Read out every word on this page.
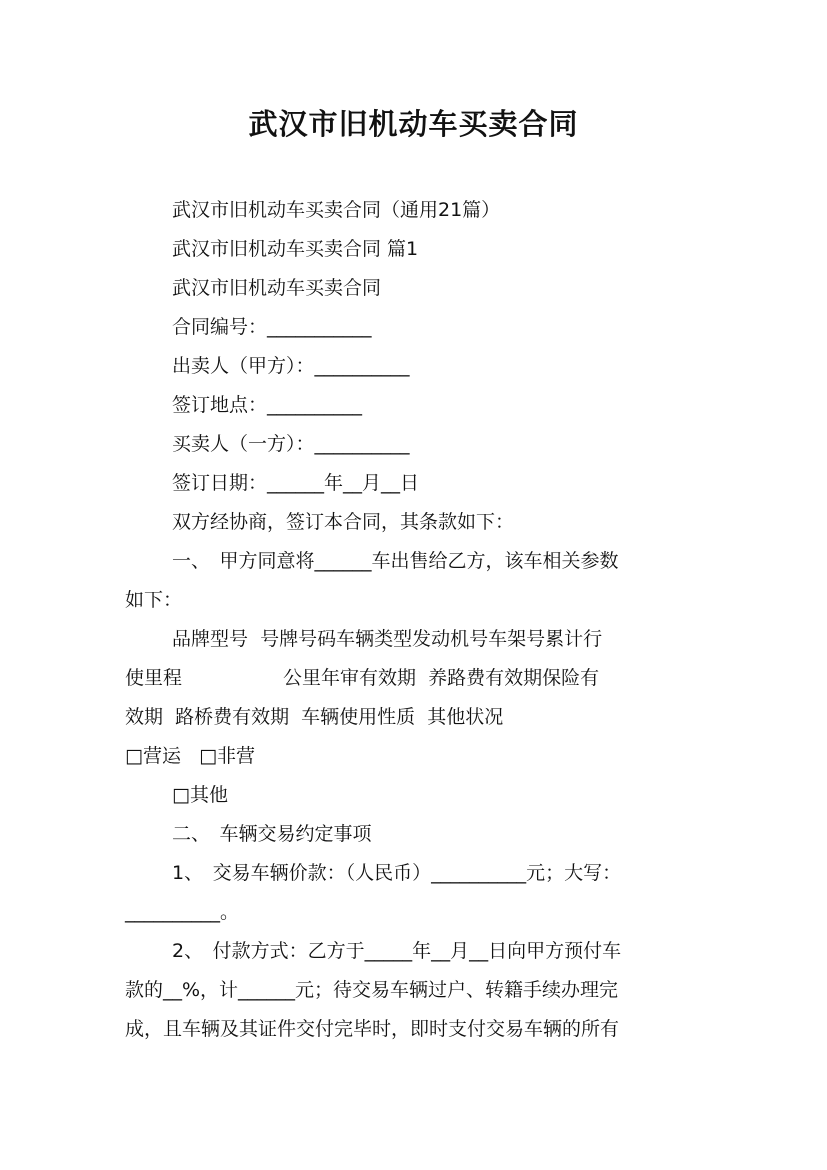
武汉市旧机动车买卖合同

武汉市旧机动车买卖合同（通用21篇）

武汉市旧机动车买卖合同 篇1

武汉市旧机动车买卖合同

合同编号：___________

出卖人（甲方）：__________

签订地点：__________

买卖人（一方）：__________

签订日期：______年__月__日

双方经协商，签订本合同，其条款如下：

一、　甲方同意将______车出售给乙方，该车相关参数

如下：

品牌型号  号牌号码车辆类型发动机号车架号累计行

使里程　　　　　 公里年审有效期  养路费有效期保险有

效期  路桥费有效期  车辆使用性质  其他状况

□营运   □非营

□其他

二、　车辆交易约定事项

1、　交易车辆价款：（人民币）__________元；大写：

__________。

2、　付款方式：乙方于_____年__月__日向甲方预付车

款的__%，计______元；待交易车辆过户、转籍手续办理完

成，且车辆及其证件交付完毕时，即时支付交易车辆的所有
